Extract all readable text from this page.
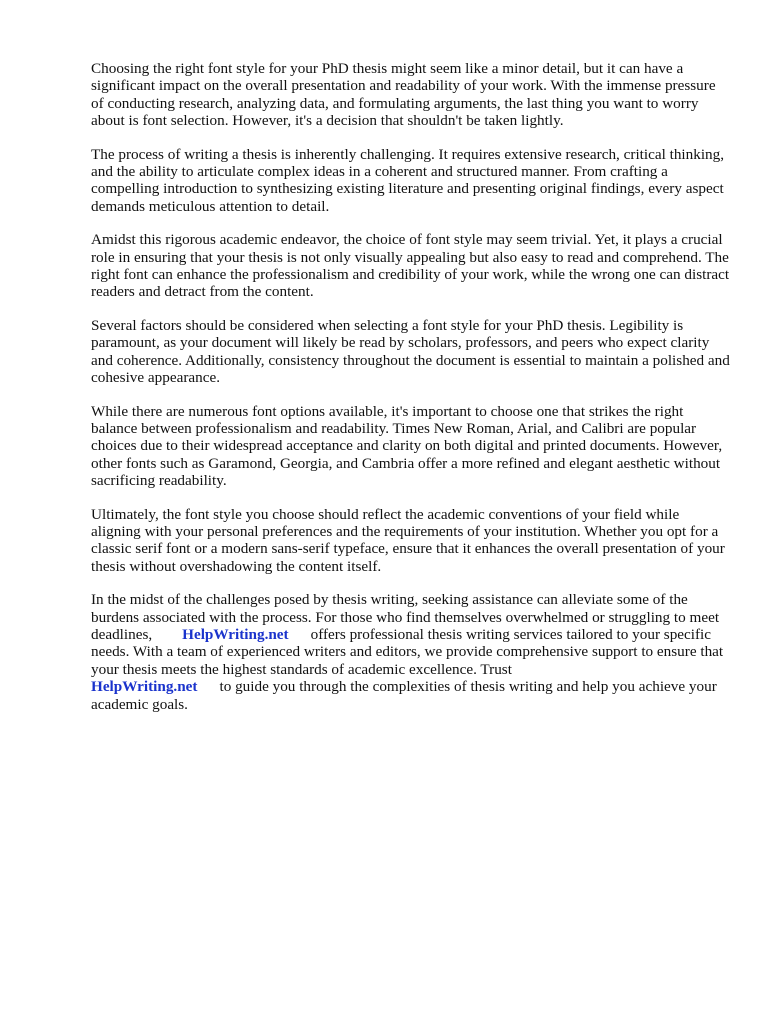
Choosing the right font style for your PhD thesis might seem like a minor detail, but it can have a significant impact on the overall presentation and readability of your work. With the immense pressure of conducting research, analyzing data, and formulating arguments, the last thing you want to worry about is font selection. However, it's a decision that shouldn't be taken lightly.

The process of writing a thesis is inherently challenging. It requires extensive research, critical thinking, and the ability to articulate complex ideas in a coherent and structured manner. From crafting a compelling introduction to synthesizing existing literature and presenting original findings, every aspect demands meticulous attention to detail.

Amidst this rigorous academic endeavor, the choice of font style may seem trivial. Yet, it plays a crucial role in ensuring that your thesis is not only visually appealing but also easy to read and comprehend. The right font can enhance the professionalism and credibility of your work, while the wrong one can distract readers and detract from the content.

Several factors should be considered when selecting a font style for your PhD thesis. Legibility is paramount, as your document will likely be read by scholars, professors, and peers who expect clarity and coherence. Additionally, consistency throughout the document is essential to maintain a polished and cohesive appearance.

While there are numerous font options available, it's important to choose one that strikes the right balance between professionalism and readability. Times New Roman, Arial, and Calibri are popular choices due to their widespread acceptance and clarity on both digital and printed documents. However, other fonts such as Garamond, Georgia, and Cambria offer a more refined and elegant aesthetic without sacrificing readability.

Ultimately, the font style you choose should reflect the academic conventions of your field while aligning with your personal preferences and the requirements of your institution. Whether you opt for a classic serif font or a modern sans-serif typeface, ensure that it enhances the overall presentation of your thesis without overshadowing the content itself.

In the midst of the challenges posed by thesis writing, seeking assistance can alleviate some of the burdens associated with the process. For those who find themselves overwhelmed or struggling to meet deadlines, HelpWriting.net offers professional thesis writing services tailored to your specific needs. With a team of experienced writers and editors, we provide comprehensive support to ensure that your thesis meets the highest standards of academic excellence. Trust
HelpWriting.net to guide you through the complexities of thesis writing and help you achieve your academic goals.
